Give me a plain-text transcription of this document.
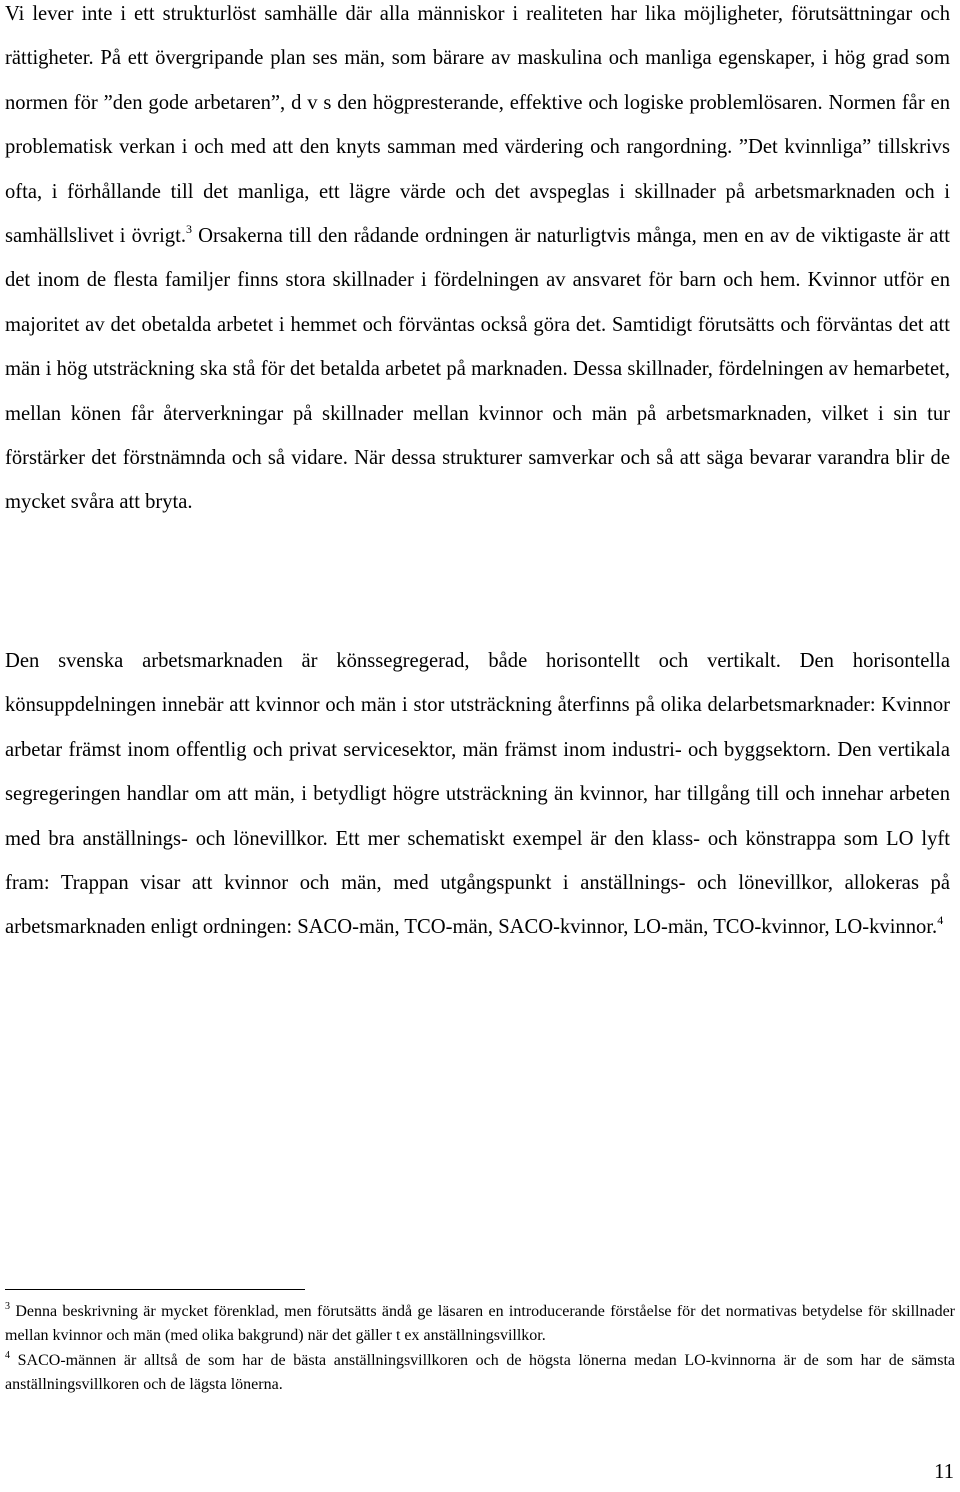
Vi lever inte i ett strukturlöst samhälle där alla människor i realiteten har lika möjligheter, förutsättningar och rättigheter. På ett övergripande plan ses män, som bärare av maskulina och manliga egenskaper, i hög grad som normen för ”den gode arbetaren”, d v s den högpresterande, effektive och logiske problemlösaren. Normen får en problematisk verkan i och med att den knyts samman med värdering och rangordning. ”Det kvinnliga” tillskrivs ofta, i förhållande till det manliga, ett lägre värde och det avspeglas i skillnader på arbetsmarknaden och i samhällslivet i övrigt.$^3$ Orsakerna till den rådande ordningen är naturligtvis många, men en av de viktigaste är att det inom de flesta familjer finns stora skillnader i fördelningen av ansvaret för barn och hem. Kvinnor utför en majoritet av det obetalda arbetet i hemmet och förväntas också göra det. Samtidigt förutsätts och förväntas det att män i hög utsträckning ska stå för det betalda arbetet på marknaden. Dessa skillnader, fördelningen av hemarbetet, mellan könen får återverkningar på skillnader mellan kvinnor och män på arbetsmarknaden, vilket i sin tur förstärker det förstnämnda och så vidare. När dessa strukturer samverkar och så att säga bevarar varandra blir de mycket svåra att bryta.

Den svenska arbetsmarknaden är könssegregerad, både horisontellt och vertikalt. Den horisontella könsuppdelningen innebär att kvinnor och män i stor utsträckning återfinns på olika delarbetsmarknader: Kvinnor arbetar främst inom offentlig och privat servicesektor, män främst inom industri- och byggsektorn. Den vertikala segregeringen handlar om att män, i betydligt högre utsträckning än kvinnor, har tillgång till och innehar arbeten med bra anställnings- och lönevillkor. Ett mer schematiskt exempel är den klass- och könstrappa som LO lyft fram: Trappan visar att kvinnor och män, med utgångspunkt i anställnings- och lönevillkor, allokeras på arbetsmarknaden enligt ordningen: SACO-män, TCO-män, SACO-kvinnor, LO-män, TCO-kvinnor, LO-kvinnor.$^4$

$^3$ Denna beskrivning är mycket förenklad, men förutsätts ändå ge läsaren en introducerande förståelse för det normativas betydelse för skillnader mellan kvinnor och män (med olika bakgrund) när det gäller t ex anställningsvillkor.

$^4$ SACO-männen är alltså de som har de bästa anställningsvillkoren och de högsta lönerna medan LO-kvinnorna är de som har de sämsta anställningsvillkoren och de lägsta lönerna.

11
